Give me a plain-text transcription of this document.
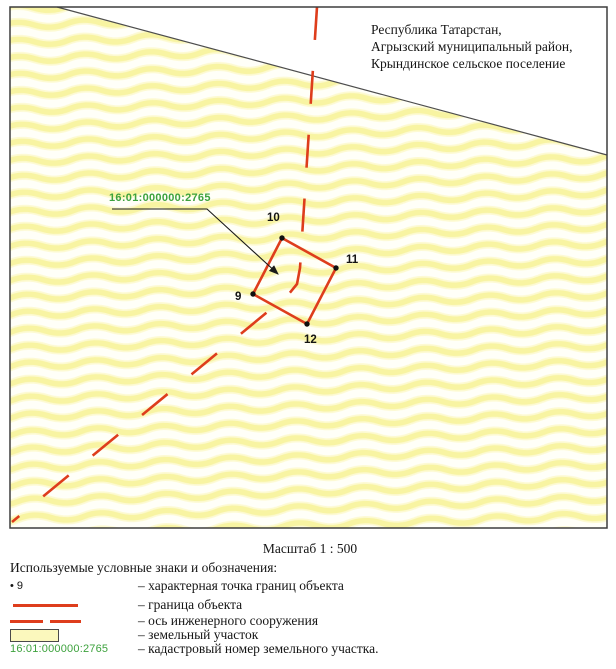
Республика Татарстан,
Агрызский муниципальный район,
Крындинское сельское поселение
16:01:000000:2765
9
10
11
12
Масштаб 1 : 500
Используемые условные знаки и обозначения:
• 9	– характерная точка границ объекта
– граница объекта
– ось инженерного сооружения
– земельный участок
16:01:000000:2765 – кадастровый номер земельного участка.
